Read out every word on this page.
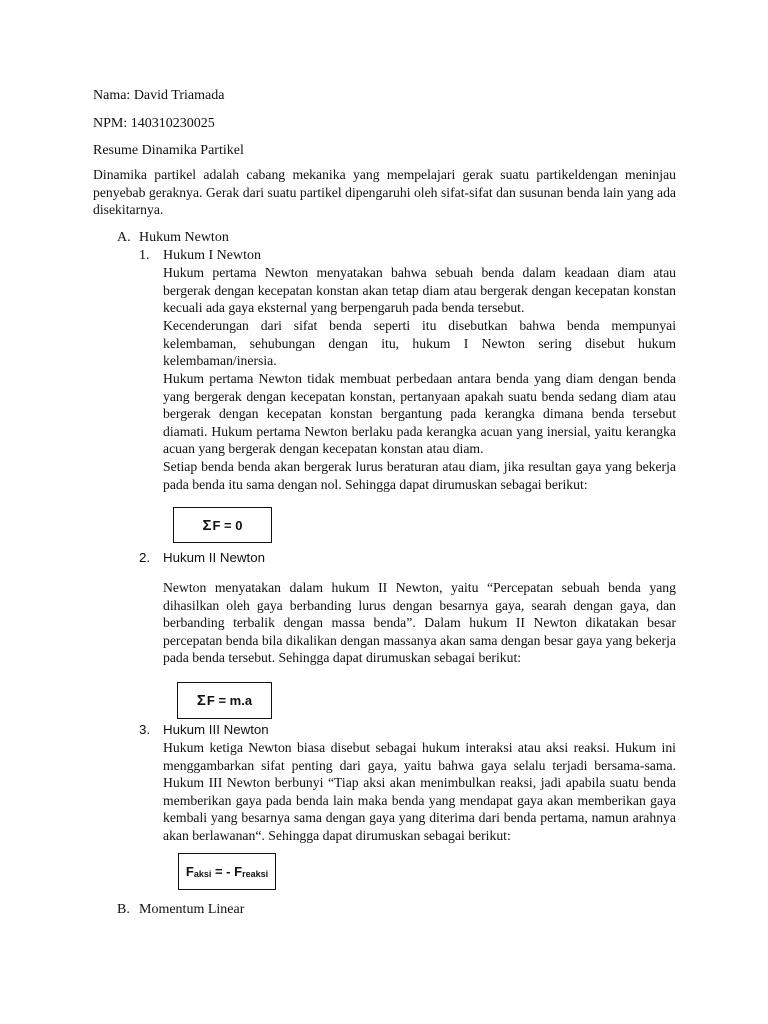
Nama: David Triamada

NPM: 140310230025

Resume Dinamika Partikel

Dinamika partikel adalah cabang mekanika yang mempelajari gerak suatu partikeldengan meninjau penyebab geraknya. Gerak dari suatu partikel dipengaruhi oleh sifat-sifat dan susunan benda lain yang ada disekitarnya.

A. Hukum Newton
1. Hukum I Newton

Hukum pertama Newton menyatakan bahwa sebuah benda dalam keadaan diam atau bergerak dengan kecepatan konstan akan tetap diam atau bergerak dengan kecepatan konstan kecuali ada gaya eksternal yang berpengaruh pada benda tersebut.

Kecenderungan dari sifat benda seperti itu disebutkan bahwa benda mempunyai kelembaman, sehubungan dengan itu, hukum I Newton sering disebut hukum kelembaman/inersia.

Hukum pertama Newton tidak membuat perbedaan antara benda yang diam dengan benda yang bergerak dengan kecepatan konstan, pertanyaan apakah suatu benda sedang diam atau bergerak dengan kecepatan konstan bergantung pada kerangka dimana benda tersebut diamati. Hukum pertama Newton berlaku pada kerangka acuan yang inersial, yaitu kerangka acuan yang bergerak dengan kecepatan konstan atau diam.

Setiap benda benda akan bergerak lurus beraturan atau diam, jika resultan gaya yang bekerja pada benda itu sama dengan nol. Sehingga dapat dirumuskan sebagai berikut:

Σ F = 0
2. Hukum II Newton

Newton menyatakan dalam hukum II Newton, yaitu “Percepatan sebuah benda yang dihasilkan oleh gaya berbanding lurus dengan besarnya gaya, searah dengan gaya, dan berbanding terbalik dengan massa benda”. Dalam hukum II Newton dikatakan besar percepatan benda bila dikalikan dengan massanya akan sama dengan besar gaya yang bekerja pada benda tersebut. Sehingga dapat dirumuskan sebagai berikut:

Σ F = m.a
3. Hukum III Newton

Hukum ketiga Newton biasa disebut sebagai hukum interaksi atau aksi reaksi. Hukum ini menggambarkan sifat penting dari gaya, yaitu bahwa gaya selalu terjadi bersama-sama. Hukum III Newton berbunyi “Tiap aksi akan menimbulkan reaksi, jadi apabila suatu benda memberikan gaya pada benda lain maka benda yang mendapat gaya akan memberikan gaya kembali yang besarnya sama dengan gaya yang diterima dari benda pertama, namun arahnya akan berlawanan“. Sehingga dapat dirumuskan sebagai berikut:

$F_{aksi}$ = - $F_{reaksi}$
B. Momentum Linear
